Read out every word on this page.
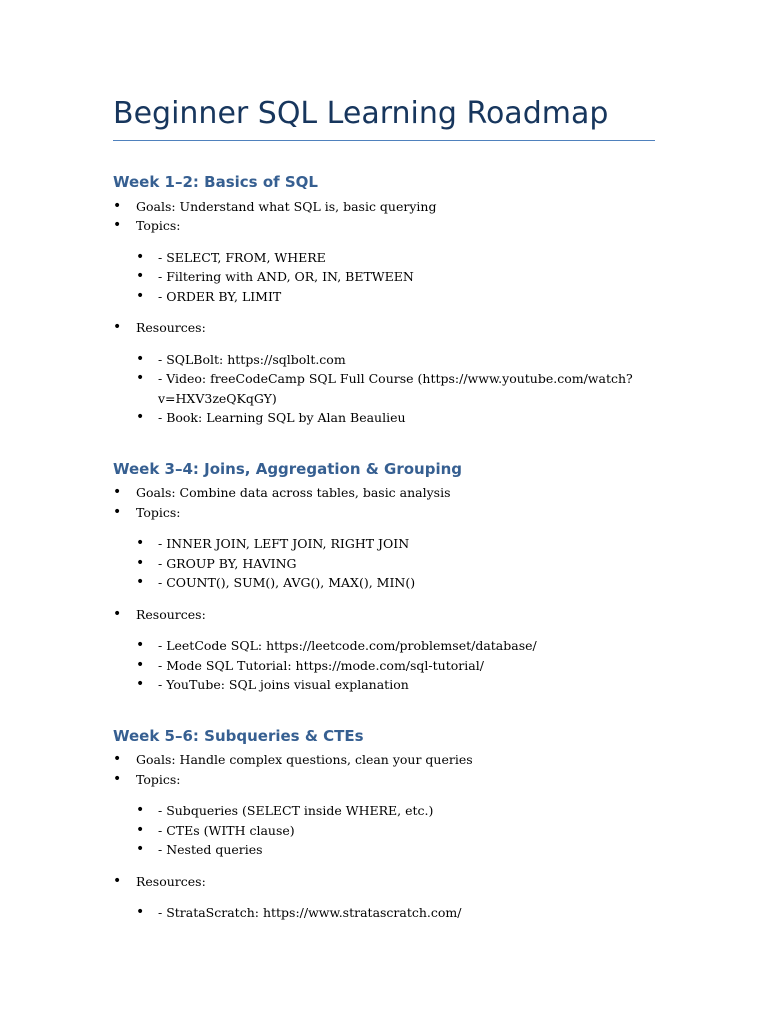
Beginner SQL Learning Roadmap
Week 1–2: Basics of SQL
• Goals: Understand what SQL is, basic querying
• Topics:
• - SELECT, FROM, WHERE
• - Filtering with AND, OR, IN, BETWEEN
• - ORDER BY, LIMIT
• Resources:
• - SQLBolt: https://sqlbolt.com
• - Video: freeCodeCamp SQL Full Course (https://www.youtube.com/watch?v=HXV3zeQKqGY)
• - Book: Learning SQL by Alan Beaulieu
Week 3–4: Joins, Aggregation & Grouping
• Goals: Combine data across tables, basic analysis
• Topics:
• - INNER JOIN, LEFT JOIN, RIGHT JOIN
• - GROUP BY, HAVING
• - COUNT(), SUM(), AVG(), MAX(), MIN()
• Resources:
• - LeetCode SQL: https://leetcode.com/problemset/database/
• - Mode SQL Tutorial: https://mode.com/sql-tutorial/
• - YouTube: SQL joins visual explanation
Week 5–6: Subqueries & CTEs
• Goals: Handle complex questions, clean your queries
• Topics:
• - Subqueries (SELECT inside WHERE, etc.)
• - CTEs (WITH clause)
• - Nested queries
• Resources:
• - StrataScratch: https://www.stratascratch.com/
